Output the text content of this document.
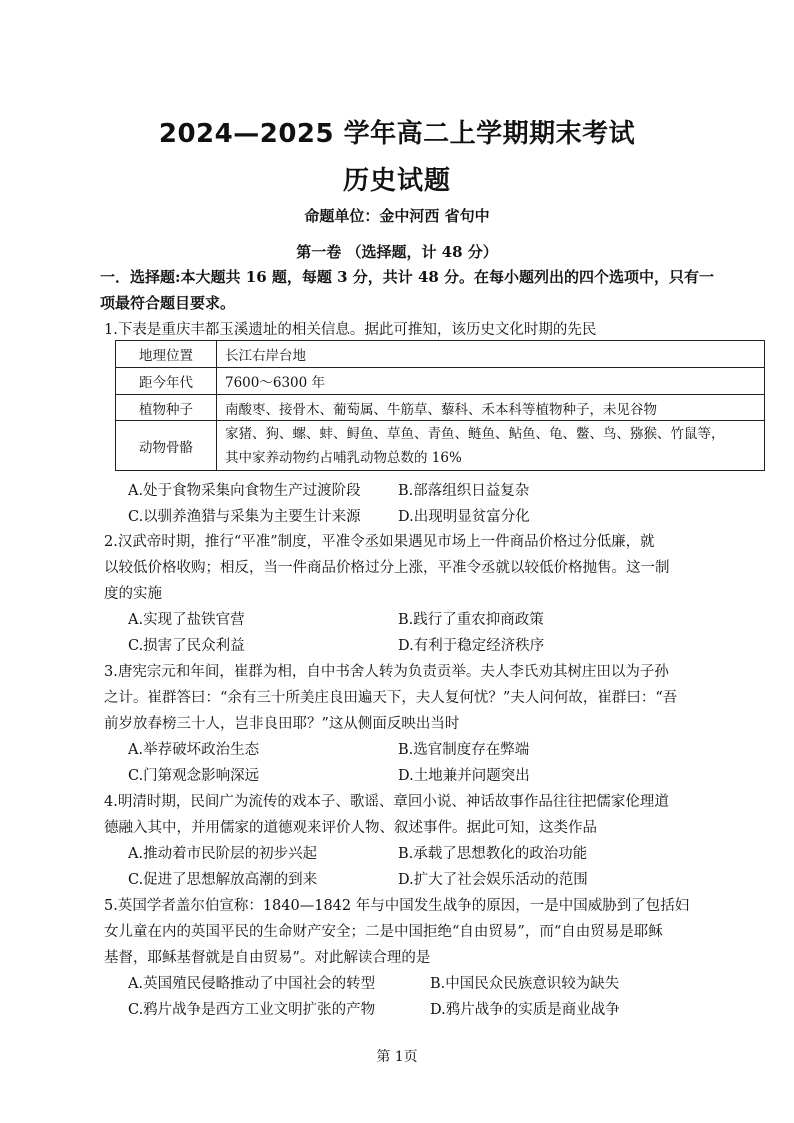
2024—2025 学年高二上学期期末考试
历史试题
命题单位：金中河西 省句中
第一卷 （选择题，计 48 分）
一．选择题:本大题共 16 题，每题 3 分，共计 48 分。在每小题列出的四个选项中，只有一
项最符合题目要求。
1.下表是重庆丰都玉溪遗址的相关信息。据此可推知，该历史文化时期的先民
地理位置	长江右岸台地
距今年代	7600～6300 年
植物种子	南酸枣、接骨木、葡萄属、牛筋草、藜科、禾本科等植物种子，未见谷物
动物骨骼	家猪、狗、螺、蚌、鲟鱼、草鱼、青鱼、鲢鱼、鲇鱼、龟、鳖、鸟、猕猴、竹鼠等，
其中家养动物约占哺乳动物总数的 16%
A.处于食物采集向食物生产过渡阶段	B.部落组织日益复杂
C.以驯养渔猎与采集为主要生计来源	D.出现明显贫富分化
2.汉武帝时期，推行“平准”制度，平准令丞如果遇见市场上一件商品价格过分低廉，就
以较低价格收购；相反，当一件商品价格过分上涨，平准令丞就以较低价格抛售。这一制
度的实施
A.实现了盐铁官营	B.践行了重农抑商政策
C.损害了民众利益	D.有利于稳定经济秩序
3.唐宪宗元和年间，崔群为相，自中书舍人转为负责贡举。夫人李氏劝其树庄田以为子孙
之计。崔群答曰：“余有三十所美庄良田遍天下，夫人复何忧？”夫人问何故，崔群曰：“吾
前岁放春榜三十人，岂非良田耶？”这从侧面反映出当时
A.举荐破坏政治生态	B.选官制度存在弊端
C.门第观念影响深远	D.土地兼并问题突出
4.明清时期，民间广为流传的戏本子、歌谣、章回小说、神话故事作品往往把儒家伦理道
德融入其中，并用儒家的道德观来评价人物、叙述事件。据此可知，这类作品
A.推动着市民阶层的初步兴起	B.承载了思想教化的政治功能
C.促进了思想解放高潮的到来	D.扩大了社会娱乐活动的范围
5.英国学者盖尔伯宣称：1840—1842 年与中国发生战争的原因，一是中国威胁到了包括妇
女儿童在内的英国平民的生命财产安全；二是中国拒绝“自由贸易”，而“自由贸易是耶稣
基督，耶稣基督就是自由贸易”。对此解读合理的是
A.英国殖民侵略推动了中国社会的转型	B.中国民众民族意识较为缺失
C.鸦片战争是西方工业文明扩张的产物	D.鸦片战争的实质是商业战争
第 1页
